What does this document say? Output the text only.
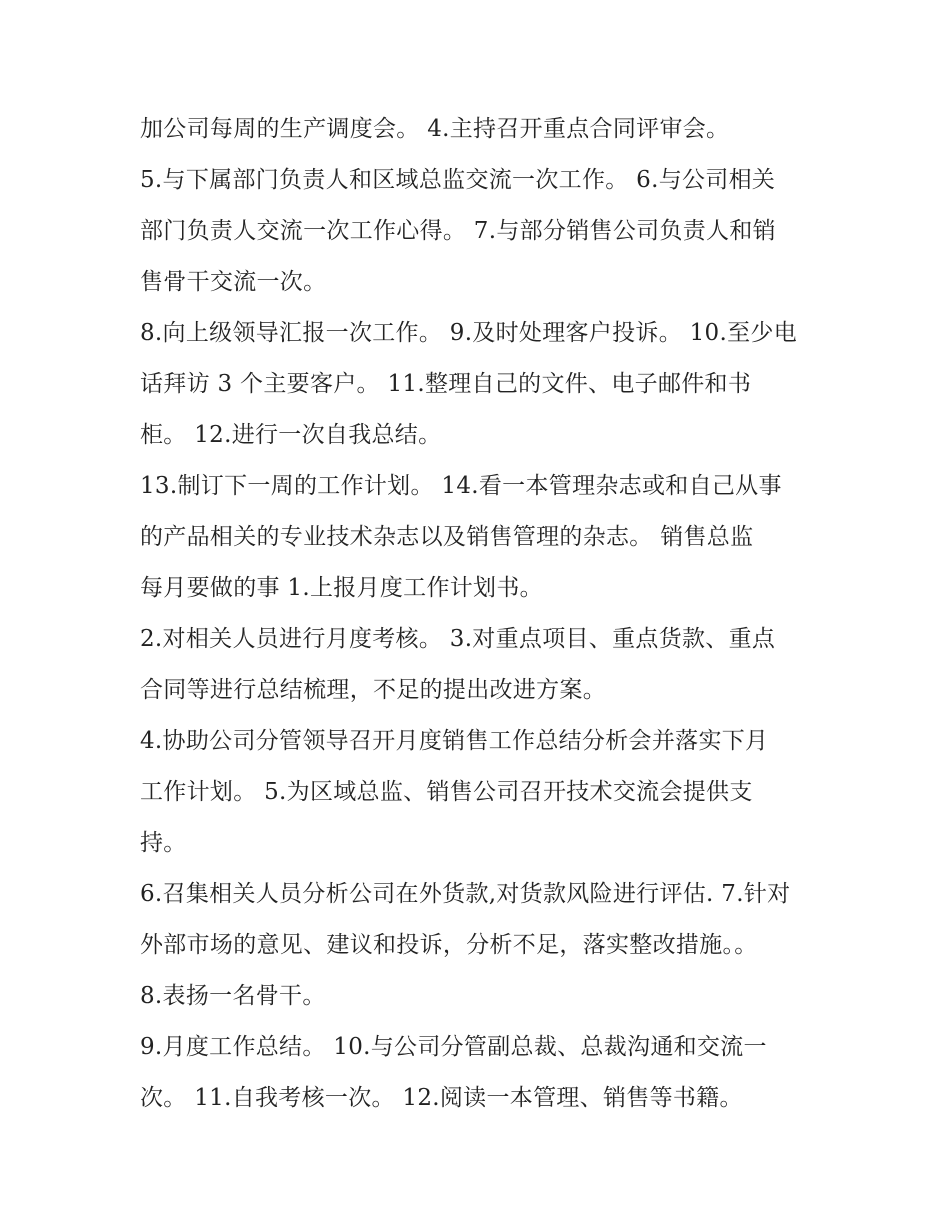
加公司每周的生产调度会。 4.主持召开重点合同评审会。
5.与下属部门负责人和区域总监交流一次工作。 6.与公司相关
部门负责人交流一次工作心得。 7.与部分销售公司负责人和销
售骨干交流一次。
8.向上级领导汇报一次工作。 9.及时处理客户投诉。 10.至少电
话拜访 3 个主要客户。 11.整理自己的文件、电子邮件和书
柜。 12.进行一次自我总结。
13.制订下一周的工作计划。 14.看一本管理杂志或和自己从事
的产品相关的专业技术杂志以及销售管理的杂志。 销售总监
每月要做的事 1.上报月度工作计划书。
2.对相关人员进行月度考核。 3.对重点项目、重点货款、重点
合同等进行总结梳理，不足的提出改进方案。
4.协助公司分管领导召开月度销售工作总结分析会并落实下月
工作计划。 5.为区域总监、销售公司召开技术交流会提供支
持。
6.召集相关人员分析公司在外货款,对货款风险进行评估. 7.针对
外部市场的意见、建议和投诉，分析不足，落实整改措施。。
8.表扬一名骨干。
9.月度工作总结。 10.与公司分管副总裁、总裁沟通和交流一
次。 11.自我考核一次。 12.阅读一本管理、销售等书籍。
